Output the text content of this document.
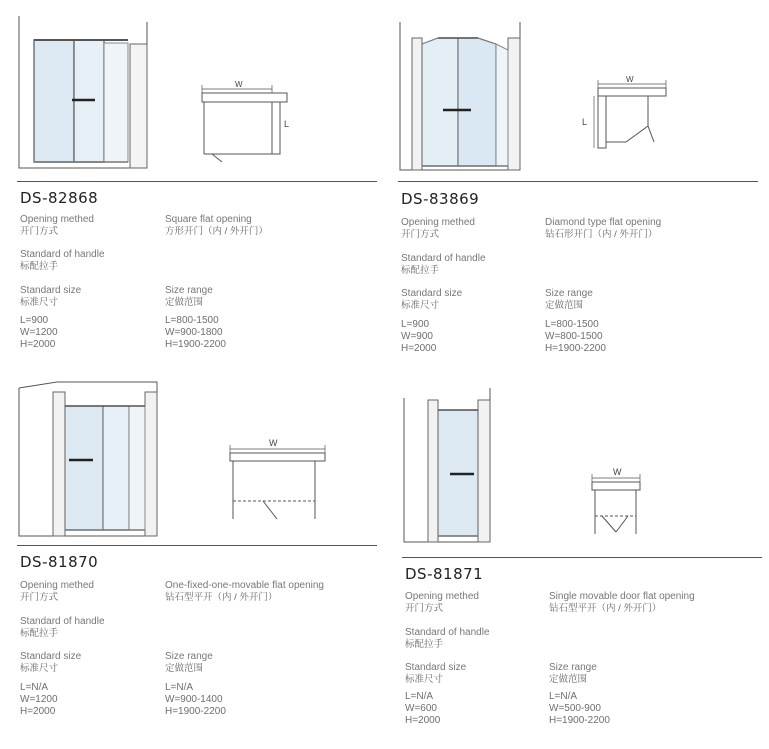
W
L
DS-82868
Opening methed
开门方式
Square flat opening
方形开门（内 / 外开门）
Standard of handle
标配拉手
Standard size
标准尺寸
Size range
定做范围
L=900
W=1200
H=2000
L=800-1500
W=900-1800
H=1900-2200
W
L
DS-83869
Opening methed
开门方式
Diamond type flat opening
钻石形开门（内 / 外开门）
Standard of handle
标配拉手
Standard size
标准尺寸
Size range
定做范围
L=900
W=900
H=2000
L=800-1500
W=800-1500
H=1900-2200
W
DS-81870
Opening methed
开门方式
One-fixed-one-movable flat opening
钻石型平开（内 / 外开门）
Standard of handle
标配拉手
Standard size
标准尺寸
Size range
定做范围
L=N/A
W=1200
H=2000
L=N/A
W=900-1400
H=1900-2200
W
DS-81871
Opening methed
开门方式
Single movable door flat opening
钻石型平开（内 / 外开门）
Standard of handle
标配拉手
Standard size
标准尺寸
Size range
定做范围
L=N/A
W=600
H=2000
L=N/A
W=500-900
H=1900-2200
